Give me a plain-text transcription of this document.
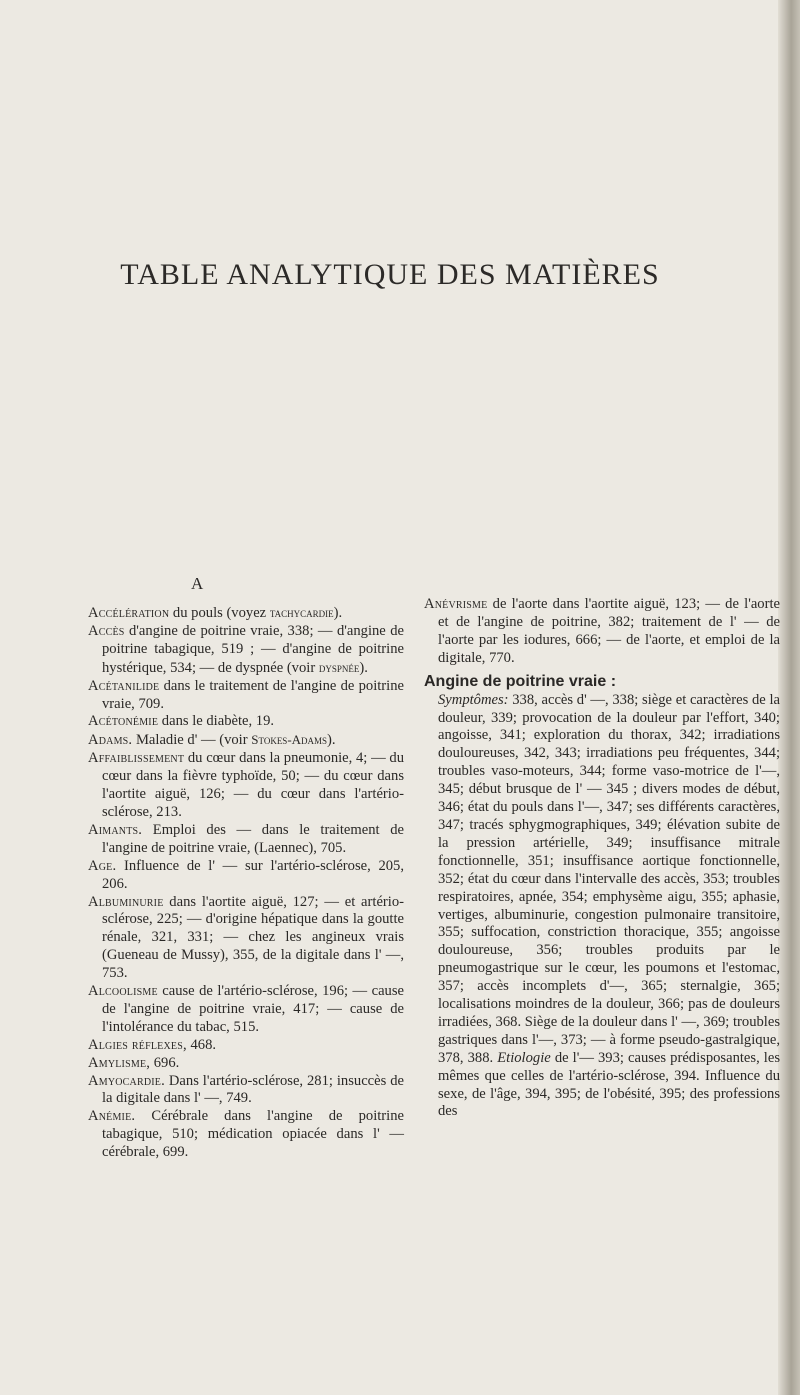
TABLE ANALYTIQUE DES MATIÈRES
A

Accélération du pouls (voyez tachycardie).

Accès d'angine de poitrine vraie, 338; — d'angine de poitrine tabagique, 519 ; — d'angine de poitrine hystérique, 534; — de dyspnée (voir dyspnée).

Acétanilide dans le traitement de l'angine de poitrine vraie, 709.

Acétonémie dans le diabète, 19.

Adams. Maladie d' — (voir Stokes-Adams).

Affaiblissement du cœur dans la pneumonie, 4; — du cœur dans la fièvre typhoïde, 50; — du cœur dans l'aortite aiguë, 126; — du cœur dans l'artério-sclérose, 213.

Aimants. Emploi des — dans le traitement de l'angine de poitrine vraie, (Laennec), 705.

Age. Influence de l' — sur l'artério-sclérose, 205, 206.

Albuminurie dans l'aortite aiguë, 127; — et artério-sclérose, 225; — d'origine hépatique dans la goutte rénale, 321, 331; — chez les angineux vrais (Gueneau de Mussy), 355, de la digitale dans l' —, 753.

Alcoolisme cause de l'artério-sclérose, 196; — cause de l'angine de poitrine vraie, 417; — cause de l'intolérance du tabac, 515.

Algies réflexes, 468.

Amylisme, 696.

Amyocardie. Dans l'artério-sclérose, 281; insuccès de la digitale dans l' —, 749.

Anémie. Cérébrale dans l'angine de poitrine tabagique, 510; médication opiacée dans l' — cérébrale, 699.

Anévrisme de l'aorte dans l'aortite aiguë, 123; — de l'aorte et de l'angine de poitrine, 382; traitement de l' — de l'aorte par les iodures, 666; — de l'aorte, et emploi de la digitale, 770.

Angine de poitrine vraie :

Symptômes: 338, accès d' —, 338; siège et caractères de la douleur, 339; provocation de la douleur par l'effort, 340; angoisse, 341; exploration du thorax, 342; irradiations douloureuses, 342, 343; irradiations peu fréquentes, 344; troubles vaso-moteurs, 344; forme vaso-motrice de l'—, 345; début brusque de l' — 345 ; divers modes de début, 346; état du pouls dans l'—, 347; ses différents caractères, 347; tracés sphygmographiques, 349; élévation subite de la pression artérielle, 349; insuffisance mitrale fonctionnelle, 351; insuffisance aortique fonctionnelle, 352; état du cœur dans l'intervalle des accès, 353; troubles respiratoires, apnée, 354; emphysème aigu, 355; aphasie, vertiges, albuminurie, congestion pulmonaire transitoire, 355; suffocation, constriction thoracique, 355; angoisse douloureuse, 356; troubles produits par le pneumogastrique sur le cœur, les poumons et l'estomac, 357; accès incomplets d'—, 365; sternalgie, 365; localisations moindres de la douleur, 366; pas de douleurs irradiées, 368. Siège de la douleur dans l' —, 369; troubles gastriques dans l'—, 373; — à forme pseudo-gastralgique, 378, 388. Etiologie de l'— 393; causes prédisposantes, les mêmes que celles de l'artério-sclérose, 394. Influence du sexe, de l'âge, 394, 395; de l'obésité, 395; des professions des
